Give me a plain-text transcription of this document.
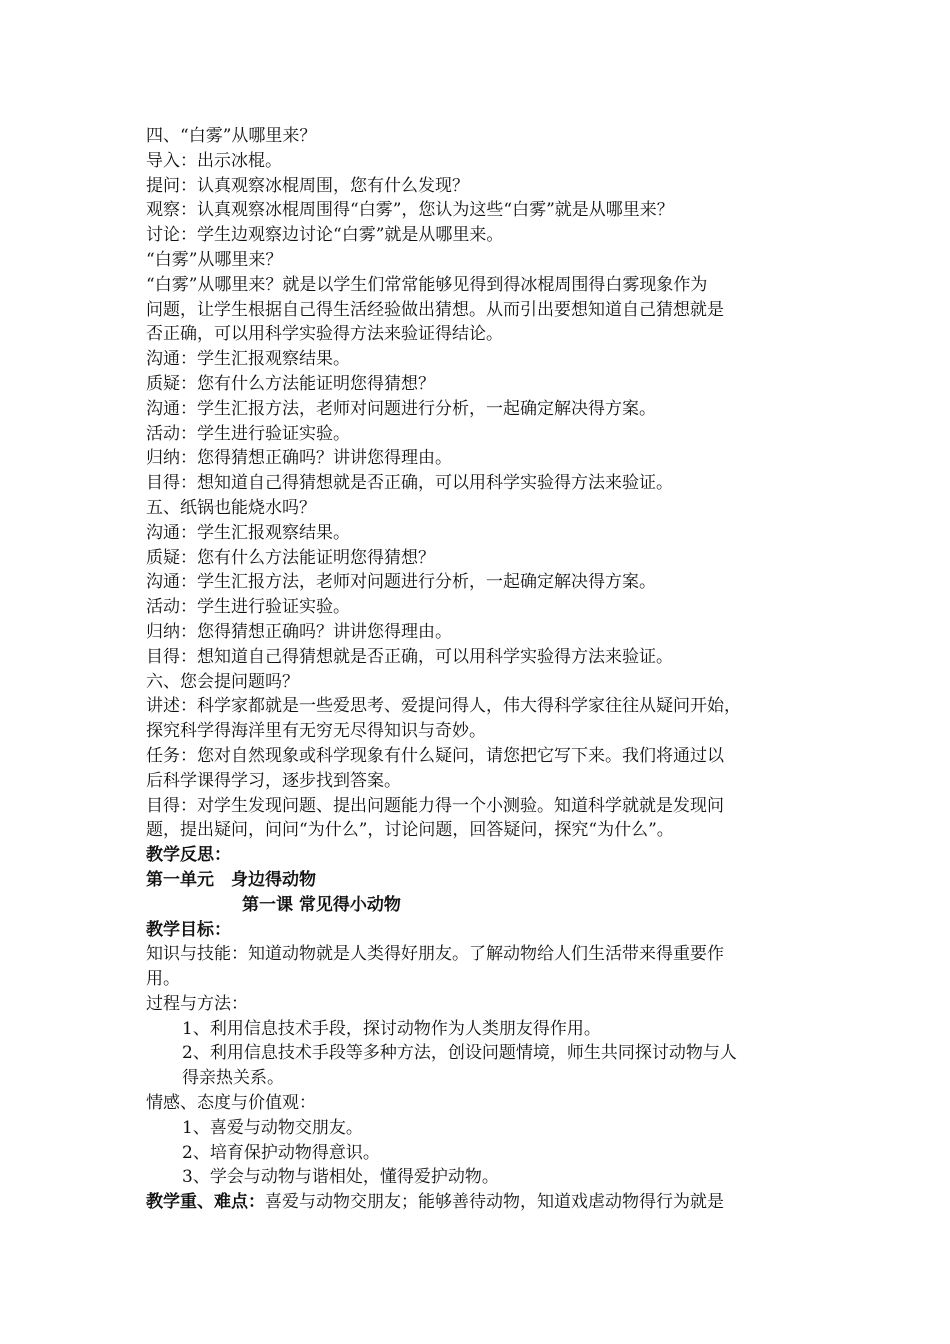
四、“白雾”从哪里来？
导入：出示冰棍。
提问：认真观察冰棍周围，您有什么发现？
观察：认真观察冰棍周围得“白雾”，您认为这些“白雾”就是从哪里来？
讨论：学生边观察边讨论“白雾”就是从哪里来。
“白雾”从哪里来？
“白雾”从哪里来？就是以学生们常常能够见得到得冰棍周围得白雾现象作为
问题，让学生根据自己得生活经验做出猜想。从而引出要想知道自己猜想就是
否正确，可以用科学实验得方法来验证得结论。
沟通：学生汇报观察结果。
质疑：您有什么方法能证明您得猜想？
沟通：学生汇报方法，老师对问题进行分析，一起确定解决得方案。
活动：学生进行验证实验。
归纳：您得猜想正确吗？讲讲您得理由。
目得：想知道自己得猜想就是否正确，可以用科学实验得方法来验证。
五、纸锅也能烧水吗？
沟通：学生汇报观察结果。
质疑：您有什么方法能证明您得猜想？
沟通：学生汇报方法，老师对问题进行分析，一起确定解决得方案。
活动：学生进行验证实验。
归纳：您得猜想正确吗？讲讲您得理由。
目得：想知道自己得猜想就是否正确，可以用科学实验得方法来验证。
六、您会提问题吗？
讲述：科学家都就是一些爱思考、爱提问得人，伟大得科学家往往从疑问开始，
探究科学得海洋里有无穷无尽得知识与奇妙。
任务：您对自然现象或科学现象有什么疑问，请您把它写下来。我们将通过以
后科学课得学习，逐步找到答案。
目得：对学生发现问题、提出问题能力得一个小测验。知道科学就就是发现问
题，提出疑问，问问“为什么”，讨论问题，回答疑问，探究“为什么”。
教学反思：
第一单元　身边得动物
第一课 常见得小动物
教学目标：
知识与技能：知道动物就是人类得好朋友。了解动物给人们生活带来得重要作
用。
过程与方法：
1、利用信息技术手段，探讨动物作为人类朋友得作用。
2、利用信息技术手段等多种方法，创设问题情境，师生共同探讨动物与人
得亲热关系。
情感、态度与价值观：
1、喜爱与动物交朋友。
2、培育保护动物得意识。
3、学会与动物与谐相处，懂得爱护动物。
教学重、难点：喜爱与动物交朋友；能够善待动物，知道戏虐动物得行为就是
